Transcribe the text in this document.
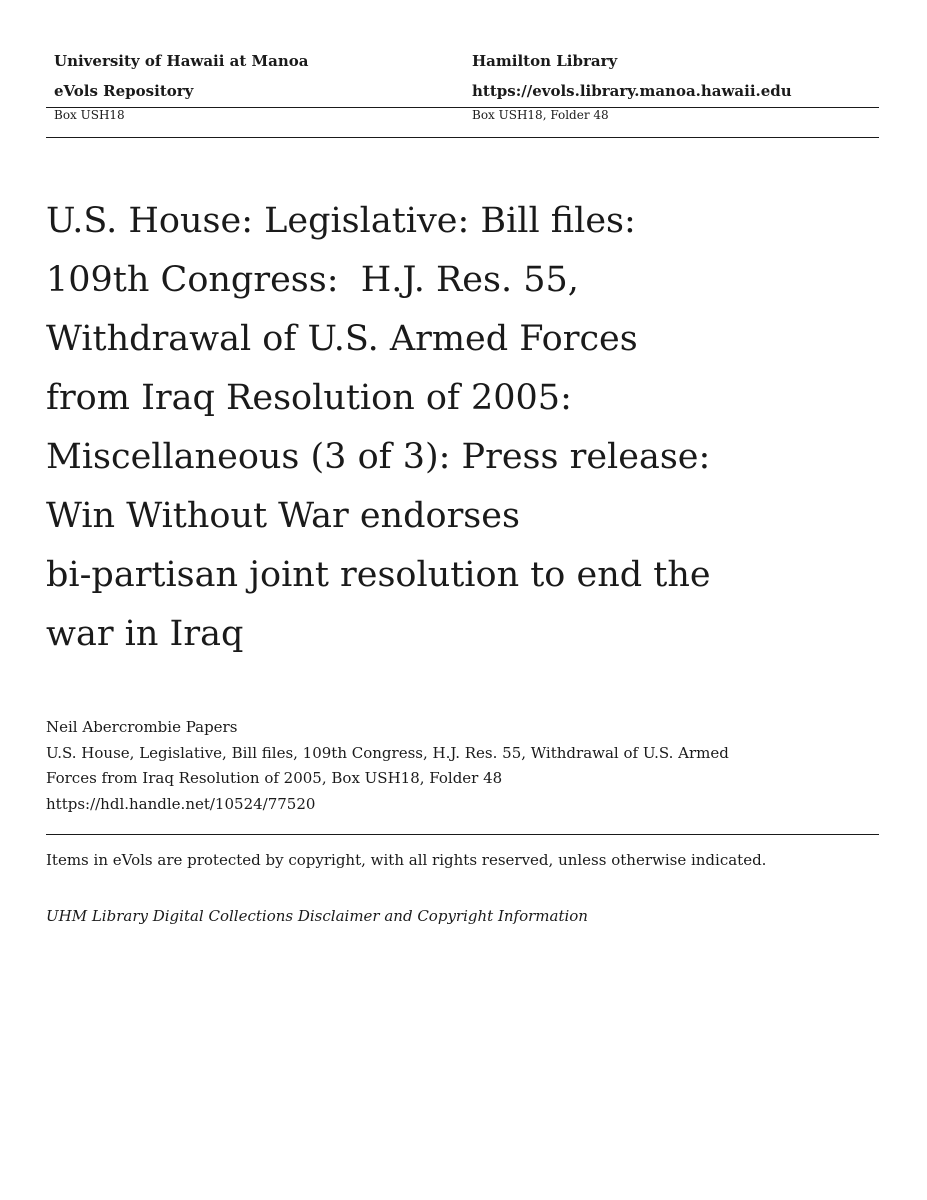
University of Hawaii at Manoa	Hamilton Library
eVols Repository	https://evols.library.manoa.hawaii.edu
Box USH18	Box USH18, Folder 48
U.S. House: Legislative: Bill files:
109th Congress:  H.J. Res. 55,
Withdrawal of U.S. Armed Forces
from Iraq Resolution of 2005:
Miscellaneous (3 of 3): Press release:
Win Without War endorses
bi-partisan joint resolution to end the
war in Iraq
Neil Abercrombie Papers
U.S. House, Legislative, Bill files, 109th Congress, H.J. Res. 55, Withdrawal of U.S. Armed
Forces from Iraq Resolution of 2005, Box USH18, Folder 48
https://hdl.handle.net/10524/77520
Items in eVols are protected by copyright, with all rights reserved, unless otherwise indicated.
UHM Library Digital Collections Disclaimer and Copyright Information
